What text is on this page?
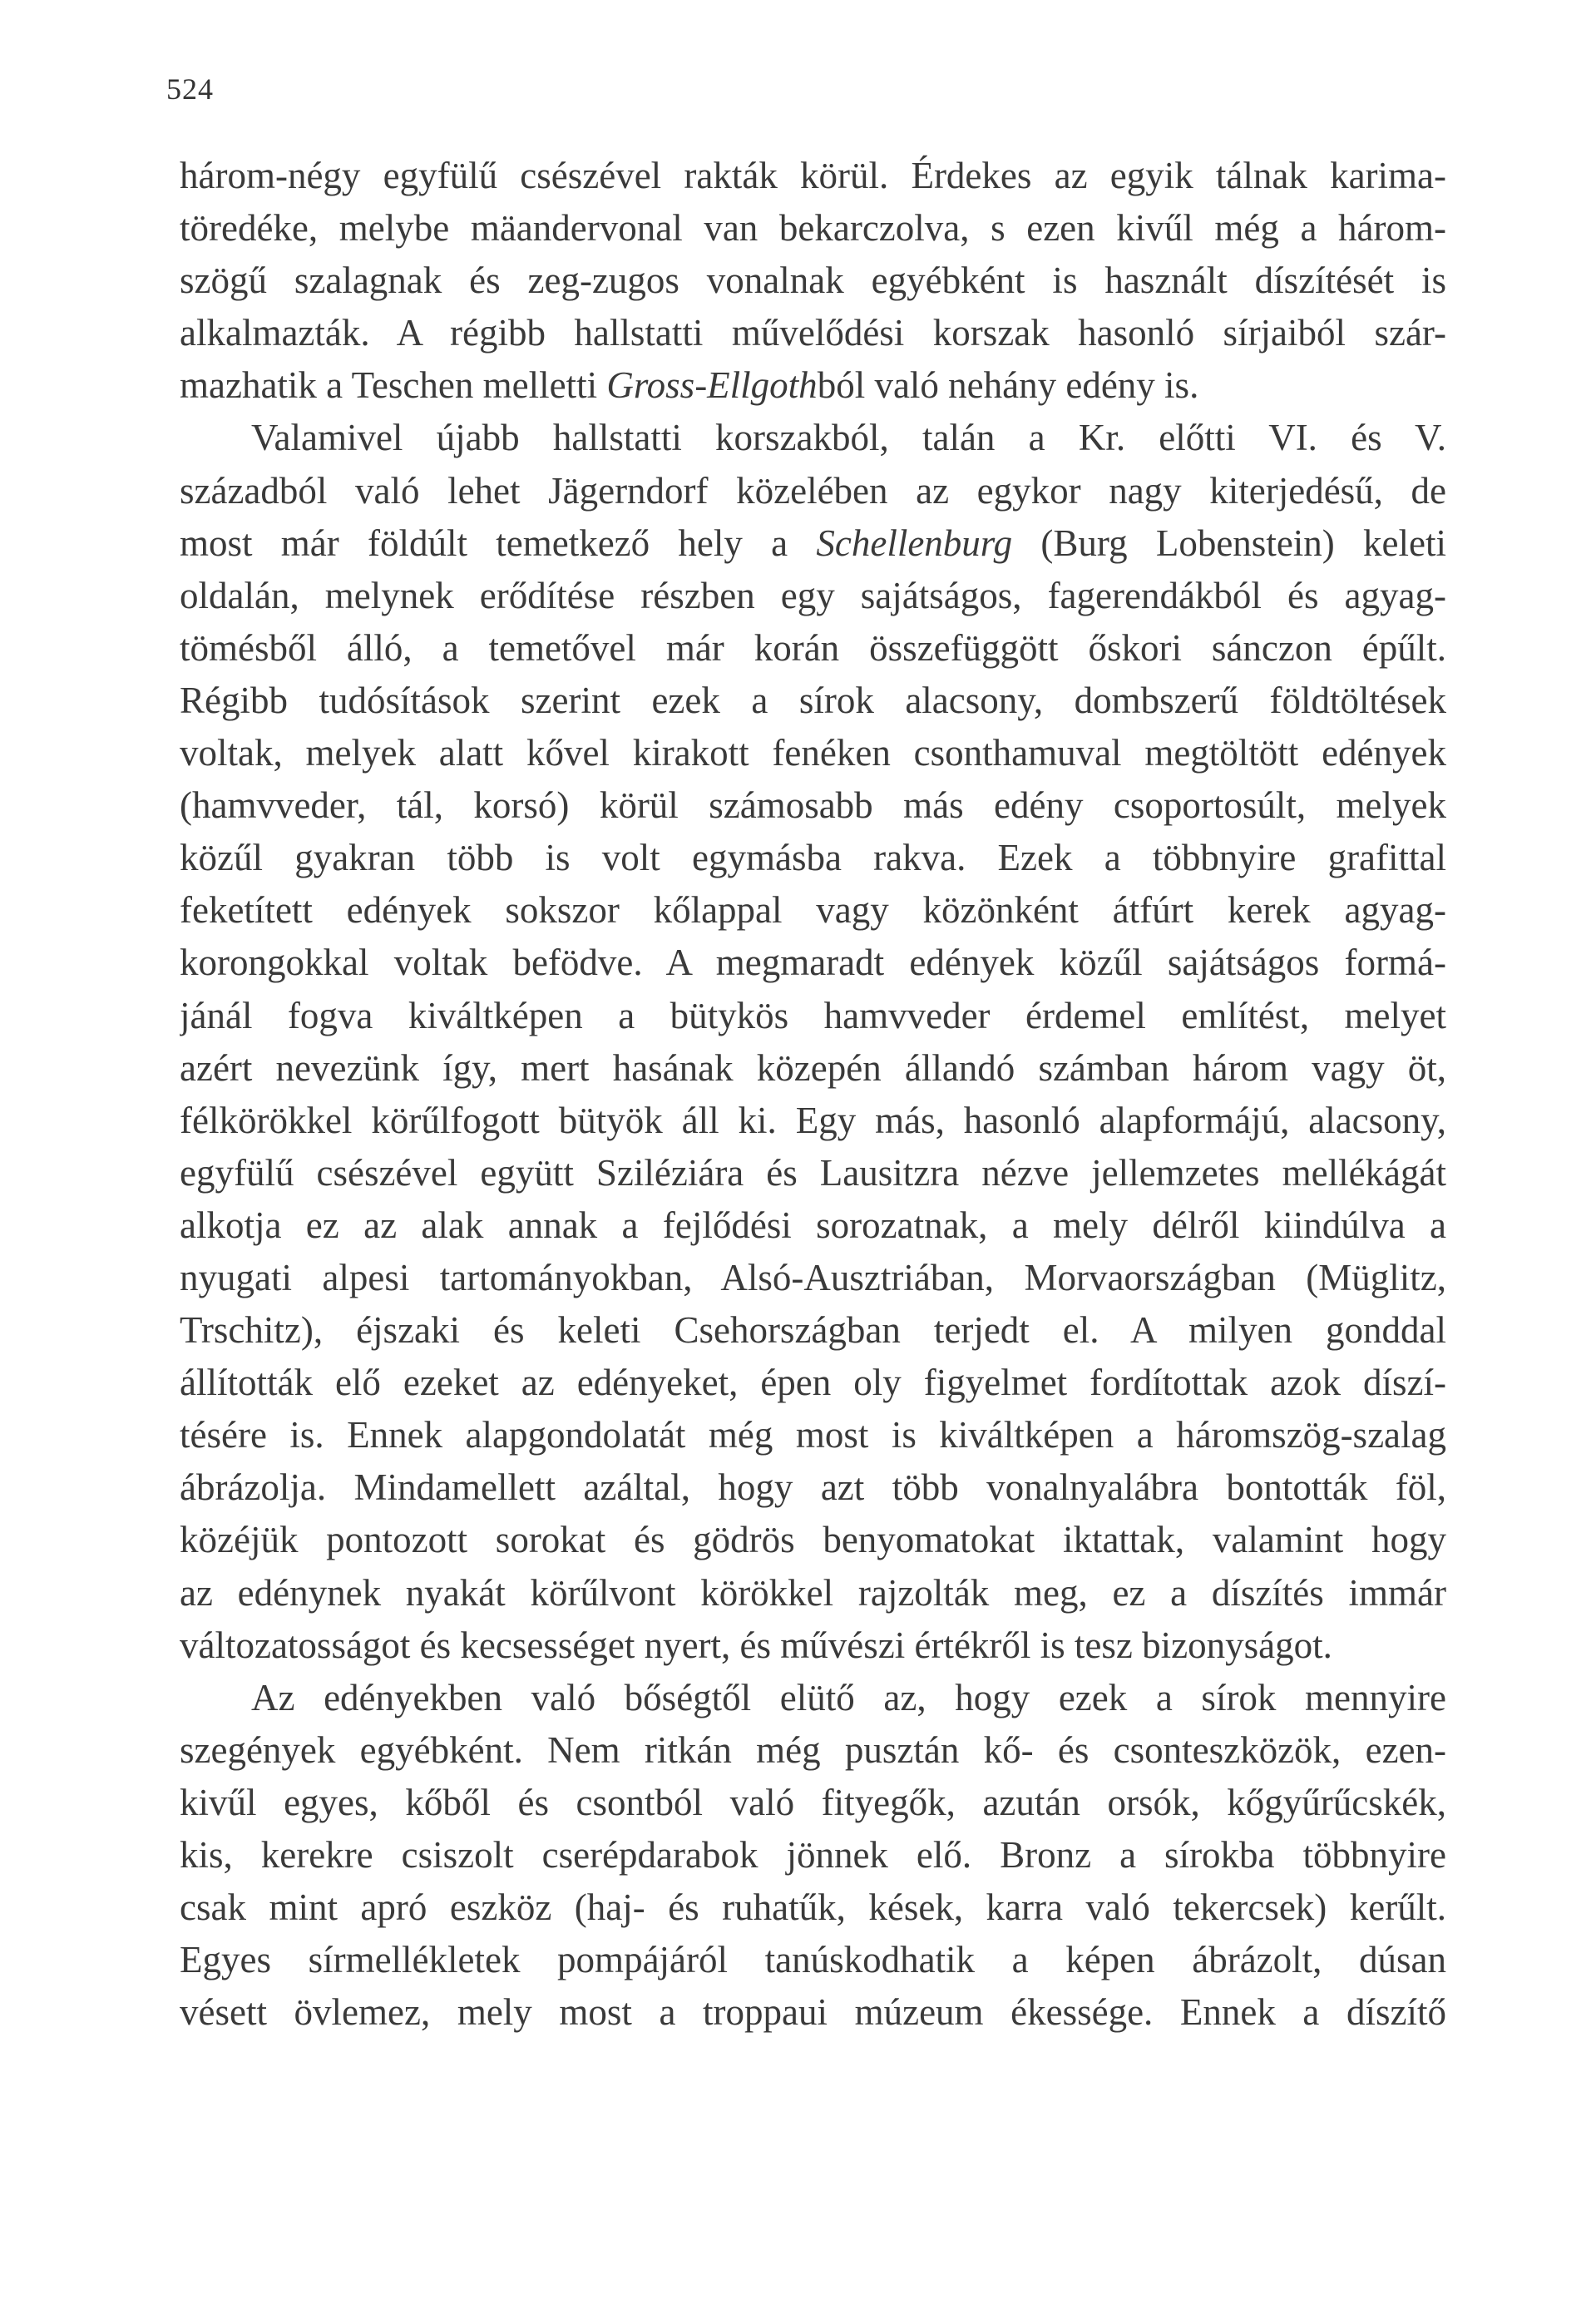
524
három-négy egyfülű csészével rakták körül. Érdekes az egyik tálnak karima-
töredéke, melybe mäandervonal van bekarczolva, s ezen kivűl még a három-
szögű szalagnak és zeg-zugos vonalnak egyébként is használt díszítését is
alkalmazták. A régibb hallstatti művelődési korszak hasonló sírjaiból szár-
mazhatik a Teschen melletti Gross-Ellgothból való nehány edény is.
Valamivel újabb hallstatti korszakból, talán a Kr. előtti VI. és V.
századból való lehet Jägerndorf közelében az egykor nagy kiterjedésű, de
most már földúlt temetkező hely a Schellenburg (Burg Lobenstein) keleti
oldalán, melynek erődítése részben egy sajátságos, fagerendákból és agyag-
tömésből álló, a temetővel már korán összefüggött őskori sánczon épűlt.
Régibb tudósítások szerint ezek a sírok alacsony, dombszerű földtöltések
voltak, melyek alatt kővel kirakott fenéken csonthamuval megtöltött edények
(hamvveder, tál, korsó) körül számosabb más edény csoportosúlt, melyek
közűl gyakran több is volt egymásba rakva. Ezek a többnyire grafittal
feketített edények sokszor kőlappal vagy közönként átfúrt kerek agyag-
korongokkal voltak befödve. A megmaradt edények közűl sajátságos formá-
jánál fogva kiváltképen a bütykös hamvveder érdemel említést, melyet
azért nevezünk így, mert hasának közepén állandó számban három vagy öt,
félkörökkel körűlfogott bütyök áll ki. Egy más, hasonló alapformájú, alacsony,
egyfülű csészével együtt Sziléziára és Lausitzra nézve jellemzetes mellékágát
alkotja ez az alak annak a fejlődési sorozatnak, a mely délről kiindúlva a
nyugati alpesi tartományokban, Alsó-Ausztriában, Morvaországban (Müglitz,
Trschitz), éjszaki és keleti Csehországban terjedt el. A milyen gonddal
állították elő ezeket az edényeket, épen oly figyelmet fordítottak azok díszí-
tésére is. Ennek alapgondolatát még most is kiváltképen a háromszög-szalag
ábrázolja. Mindamellett azáltal, hogy azt több vonalnyalábra bontották föl,
közéjük pontozott sorokat és gödrös benyomatokat iktattak, valamint hogy
az edénynek nyakát körűlvont körökkel rajzolták meg, ez a díszítés immár
változatosságot és kecsességet nyert, és művészi értékről is tesz bizonyságot.
Az edényekben való bőségtől elütő az, hogy ezek a sírok mennyire
szegények egyébként. Nem ritkán még pusztán kő- és csonteszközök, ezen-
kivűl egyes, kőből és csontból való fityegők, azután orsók, kőgyűrűcskék,
kis, kerekre csiszolt cserépdarabok jönnek elő. Bronz a sírokba többnyire
csak mint apró eszköz (haj- és ruhatűk, kések, karra való tekercsek) kerűlt.
Egyes sírmellékletek pompájáról tanúskodhatik a képen ábrázolt, dúsan
vésett övlemez, mely most a troppaui múzeum ékessége. Ennek a díszítő
